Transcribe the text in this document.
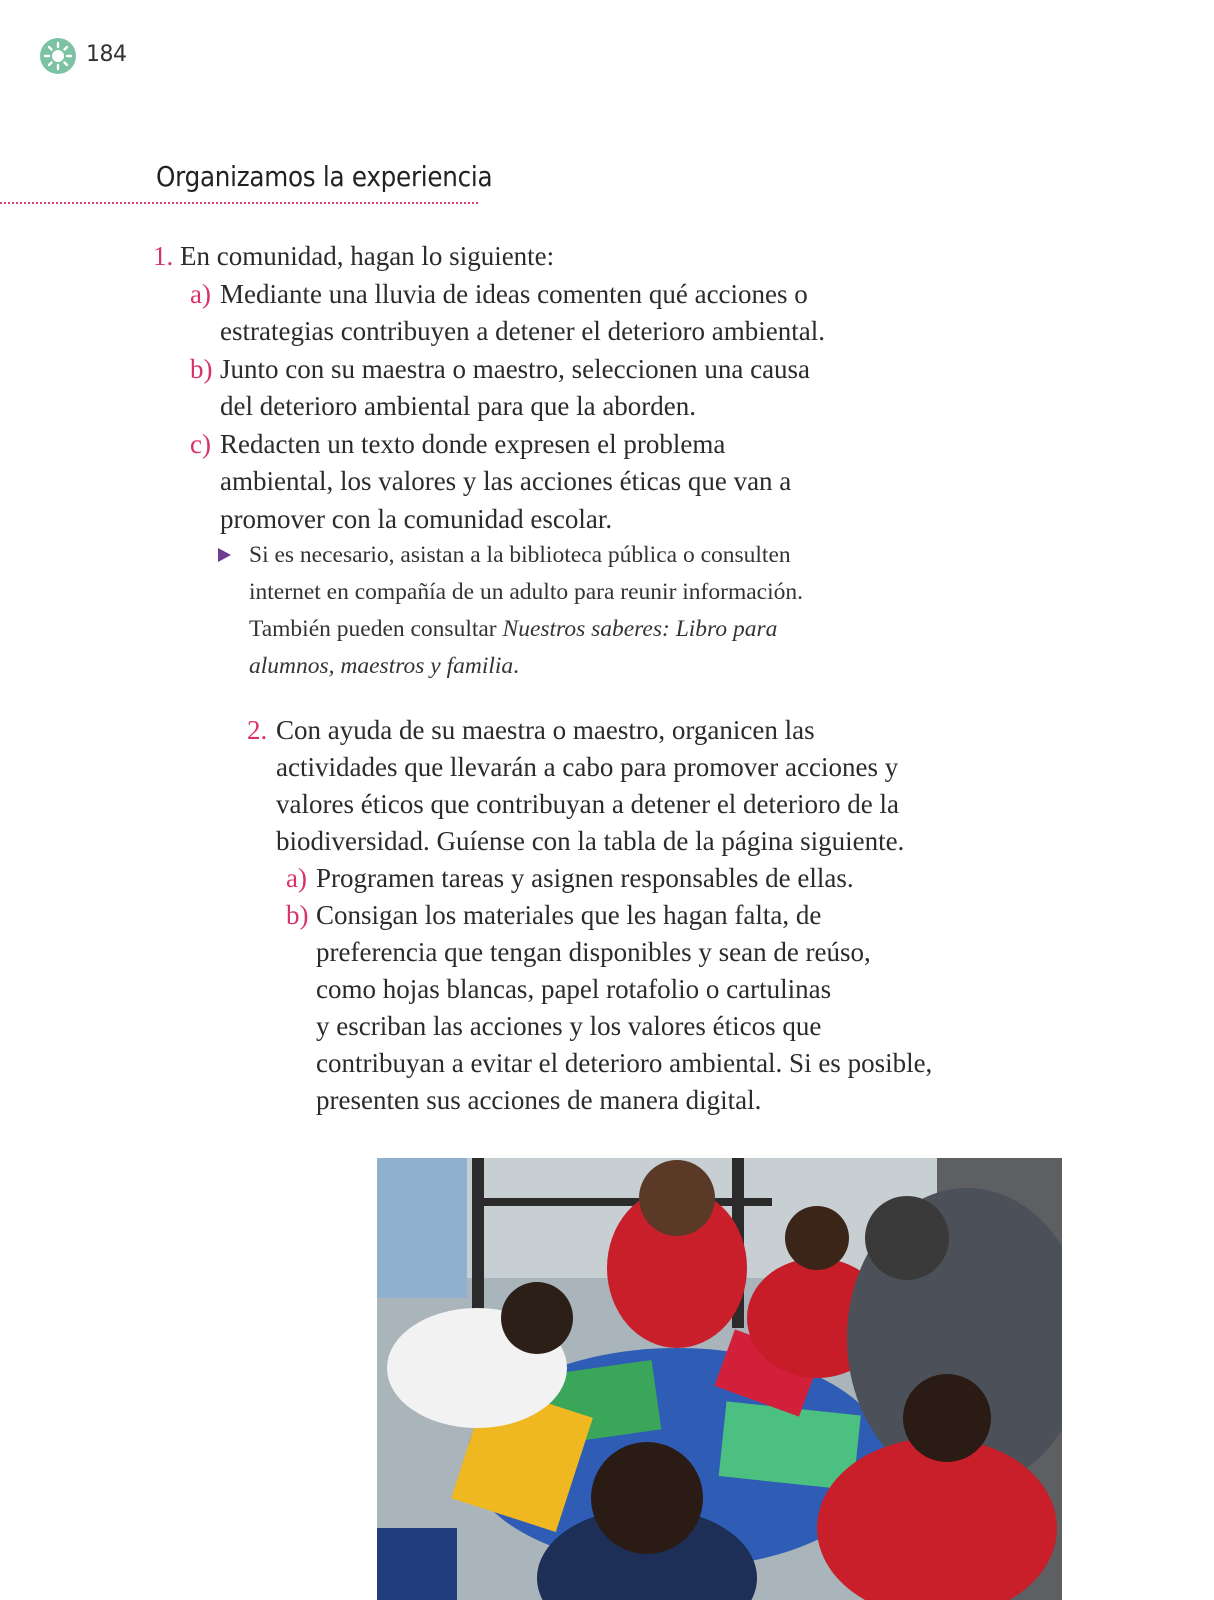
184
Organizamos la experiencia
1. En comunidad, hagan lo siguiente:
a) Mediante una lluvia de ideas comenten qué acciones o
estrategias contribuyen a detener el deterioro ambiental.
b) Junto con su maestra o maestro, seleccionen una causa
del deterioro ambiental para que la aborden.
c) Redacten un texto donde expresen el problema
ambiental, los valores y las acciones éticas que van a
promover con la comunidad escolar.
Si es necesario, asistan a la biblioteca pública o consulten
internet en compañía de un adulto para reunir información.
También pueden consultar Nuestros saberes: Libro para
alumnos, maestros y familia.
2. Con ayuda de su maestra o maestro, organicen las
actividades que llevarán a cabo para promover acciones y
valores éticos que contribuyan a detener el deterioro de la
biodiversidad. Guíense con la tabla de la página siguiente.
a) Programen tareas y asignen responsables de ellas.
b) Consigan los materiales que les hagan falta, de
preferencia que tengan disponibles y sean de reúso,
como hojas blancas, papel rotafolio o cartulinas
y escriban las acciones y los valores éticos que
contribuyan a evitar el deterioro ambiental. Si es posible,
presenten sus acciones de manera digital.
